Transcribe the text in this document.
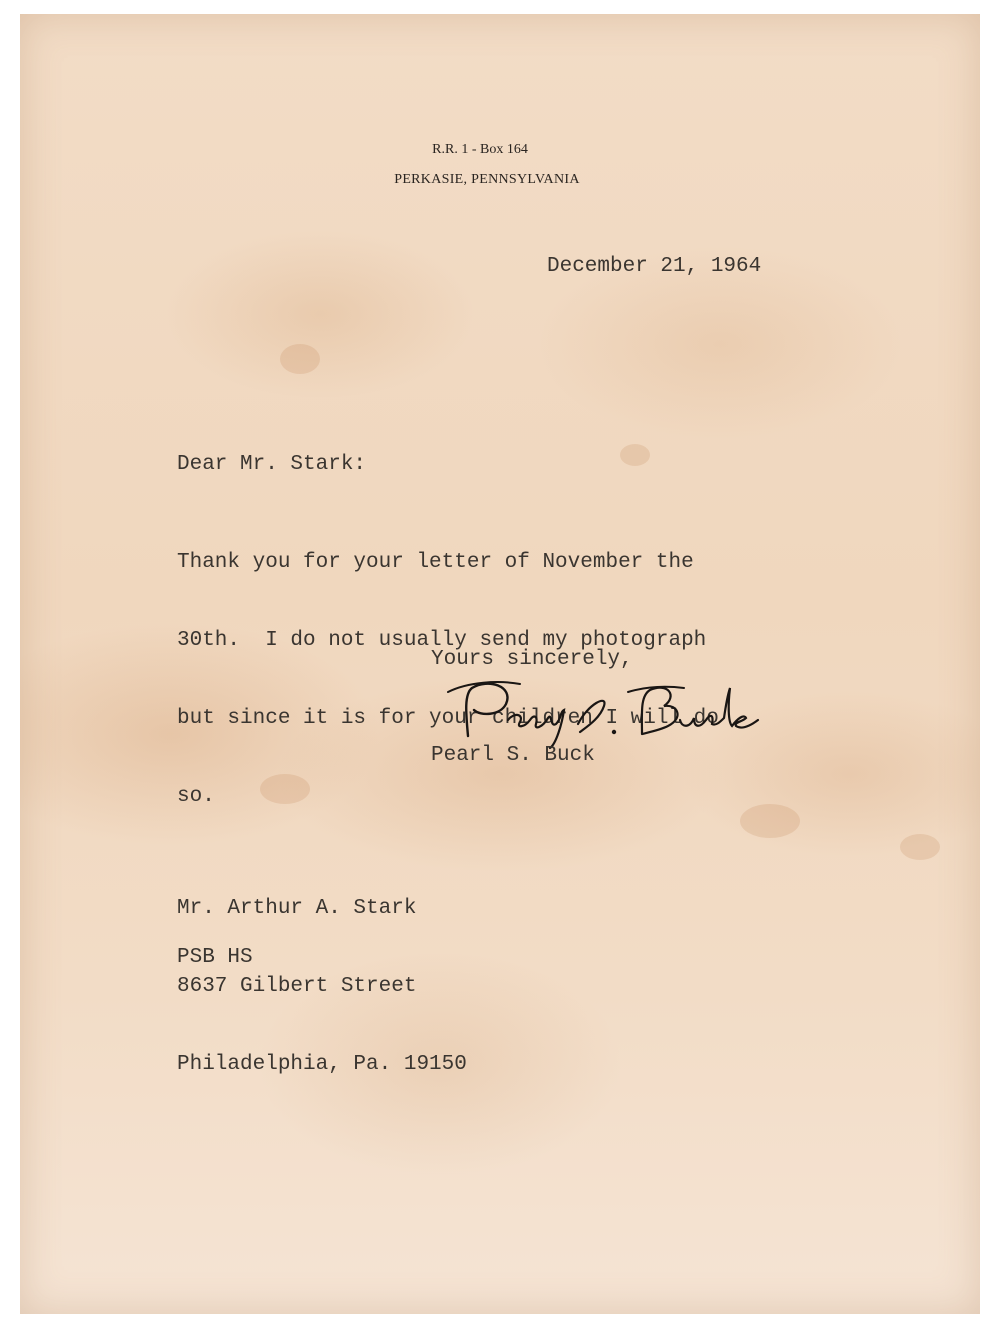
R.R. 1 - Box 164
PERKASIE, PENNSYLVANIA
December 21, 1964
Dear Mr. Stark:

Thank you for your letter of November the

30th.  I do not usually send my photograph

but since it is for your children I will do

so.

Yours sincerely,
Pearl S. Buck

Mr. Arthur A. Stark

8637 Gilbert Street

Philadelphia, Pa. 19150

PSB HS
